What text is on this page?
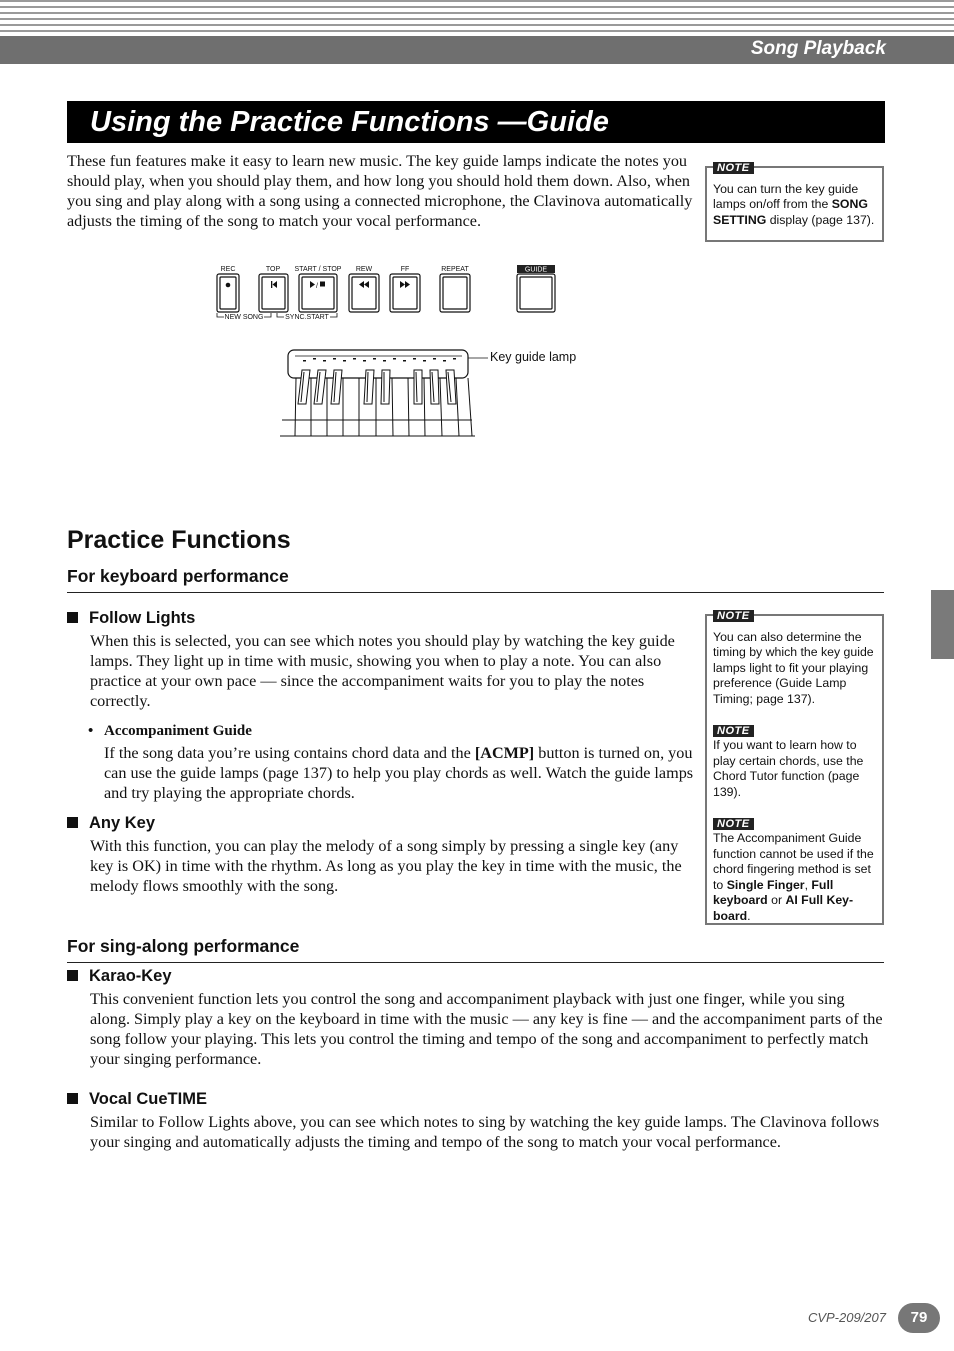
Song Playback
Using the Practice Functions —Guide
These fun features make it easy to learn new music. The key guide lamps indicate the notes you should play, when you should play them, and how long you should hold them down. Also, when you sing and play along with a song using a connected microphone, the Clavinova automatically adjusts the timing of the song to match your vocal performance.
NOTE
You can turn the key guide lamps on/off from the SONG SETTING display (page 137).
REC	TOP START / STOP REW	FF	REPEAT	GUIDE
/
NEW SONG	SYNC.START
Key guide lamp
Practice Functions
For keyboard performance
Follow Lights
When this is selected, you can see which notes you should play by watching the key guide lamps. They light up in time with music, showing you when to play a note. You can also practice at your own pace — since the accompaniment waits for you to play the notes correctly.
• Accompaniment Guide
If the song data you’re using contains chord data and the [ACMP] button is turned on, you can use the guide lamps (page 137) to help you play chords as well. Watch the guide lamps and try playing the appropriate chords.
Any Key
With this function, you can play the melody of a song simply by pressing a single key (any key is OK) in time with the rhythm. As long as you play the key in time with the music, the melody flows smoothly with the song.
NOTE
You can also determine the timing by which the key guide lamps light to fit your playing preference (Guide Lamp Timing; page 137).
NOTE
If you want to learn how to play certain chords, use the Chord Tutor function (page 139).
NOTE
The Accompaniment Guide function cannot be used if the chord fingering method is set to Single Finger, Full keyboard or AI Full Key-board.
For sing-along performance
Karao-Key
This convenient function lets you control the song and accompaniment playback with just one finger, while you sing along. Simply play a key on the keyboard in time with the music — any key is fine — and the accompaniment parts of the song follow your playing. This lets you control the timing and tempo of the song and accompaniment to perfectly match your singing performance.
Vocal CueTIME
Similar to Follow Lights above, you can see which notes to sing by watching the key guide lamps. The Clavinova follows your singing and automatically adjusts the timing and tempo of the song to match your vocal performance.
CVP-209/207	79
